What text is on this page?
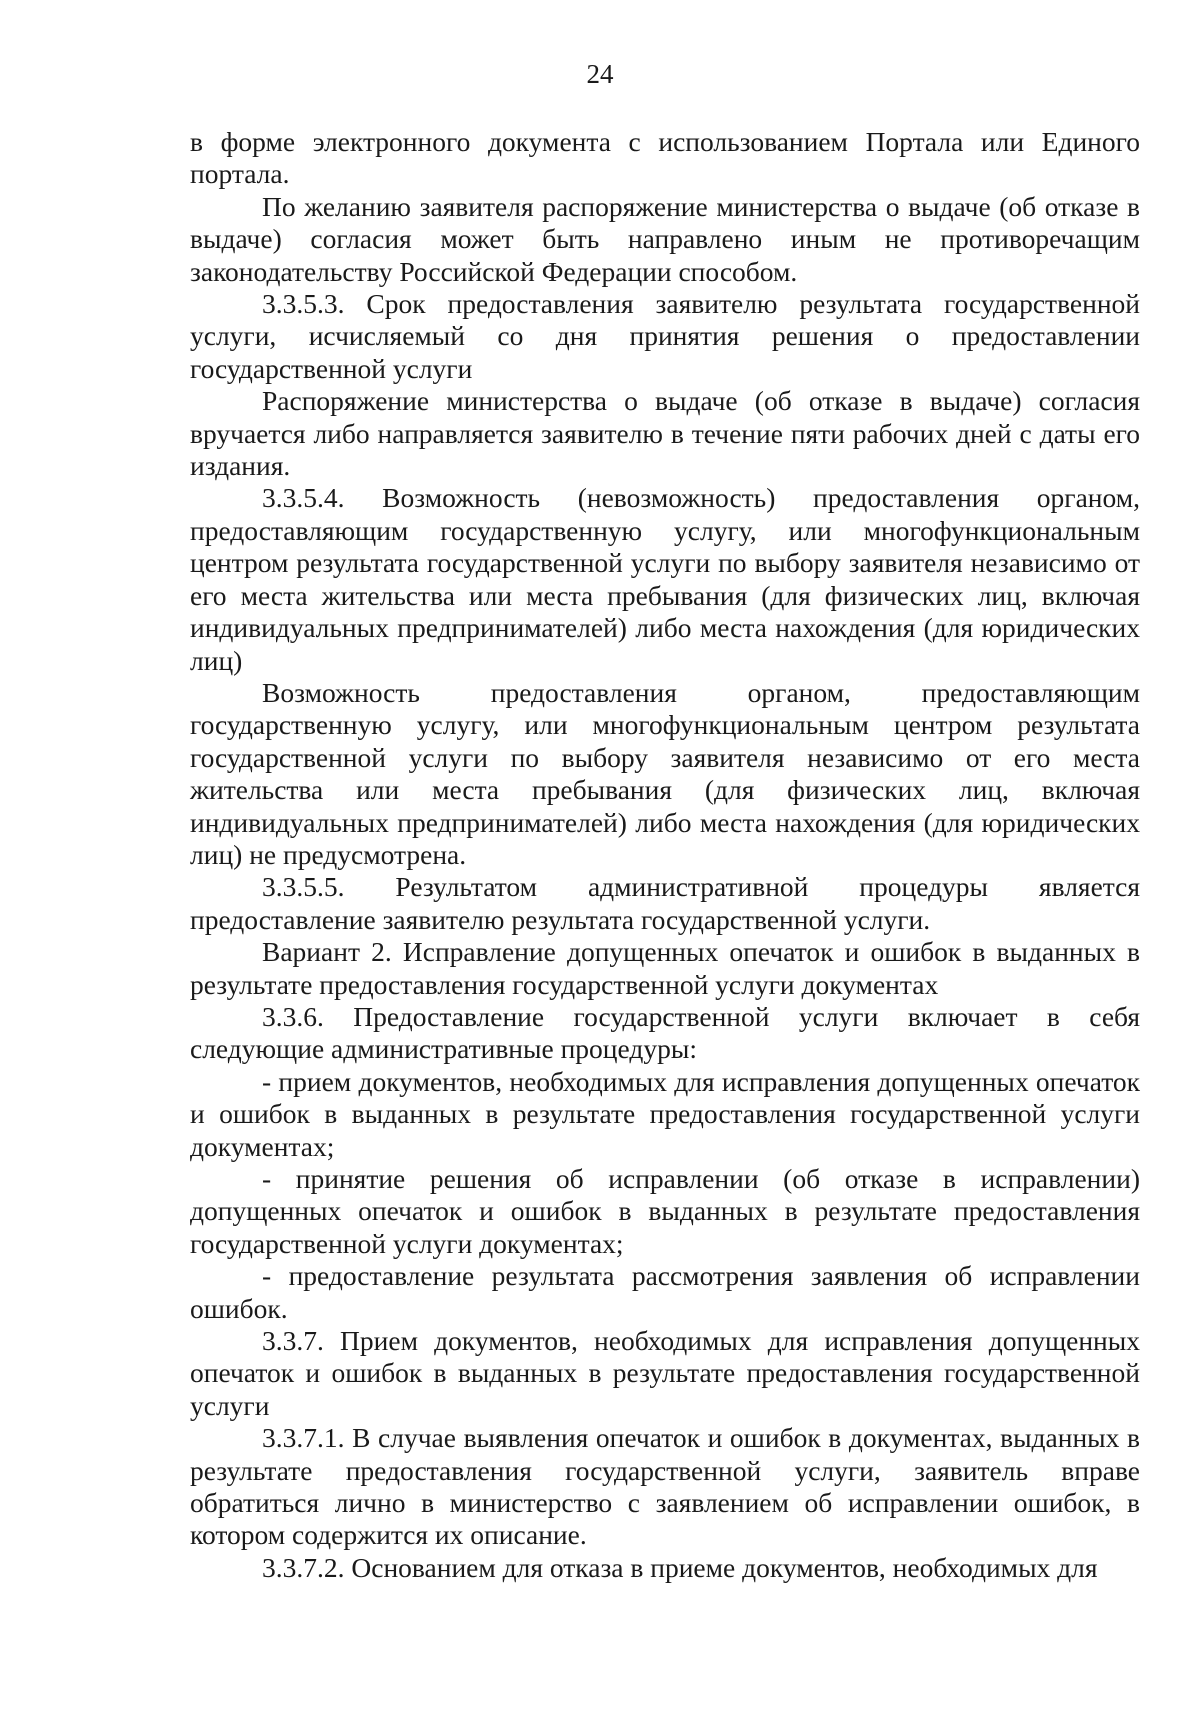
24

в форме электронного документа с использованием Портала или Единого портала.

По желанию заявителя распоряжение министерства о выдаче (об отказе в выдаче) согласия может быть направлено иным не противоречащим законодательству Российской Федерации способом.

3.3.5.3. Срок предоставления заявителю результата государственной услуги, исчисляемый со дня принятия решения о предоставлении государственной услуги

Распоряжение министерства о выдаче (об отказе в выдаче) согласия вручается либо направляется заявителю в течение пяти рабочих дней с даты его издания.

3.3.5.4. Возможность (невозможность) предоставления органом, предоставляющим государственную услугу, или многофункциональным центром результата государственной услуги по выбору заявителя независимо от его места жительства или места пребывания (для физических лиц, включая индивидуальных предпринимателей) либо места нахождения (для юридических лиц)

Возможность предоставления органом, предоставляющим государственную услугу, или многофункциональным центром результата государственной услуги по выбору заявителя независимо от его места жительства или места пребывания (для физических лиц, включая индивидуальных предпринимателей) либо места нахождения (для юридических лиц) не предусмотрена.

3.3.5.5. Результатом административной процедуры является предоставление заявителю результата государственной услуги.

Вариант 2. Исправление допущенных опечаток и ошибок в выданных в результате предоставления государственной услуги документах

3.3.6. Предоставление государственной услуги включает в себя следующие административные процедуры:

- прием документов, необходимых для исправления допущенных опечаток и ошибок в выданных в результате предоставления государственной услуги документах;

- принятие решения об исправлении (об отказе в исправлении) допущенных опечаток и ошибок в выданных в результате предоставления государственной услуги документах;

- предоставление результата рассмотрения заявления об исправлении ошибок.

3.3.7. Прием документов, необходимых для исправления допущенных опечаток и ошибок в выданных в результате предоставления государственной услуги

3.3.7.1. В случае выявления опечаток и ошибок в документах, выданных в результате предоставления государственной услуги, заявитель вправе обратиться лично в министерство с заявлением об исправлении ошибок, в котором содержится их описание.

3.3.7.2. Основанием для отказа в приеме документов, необходимых для
